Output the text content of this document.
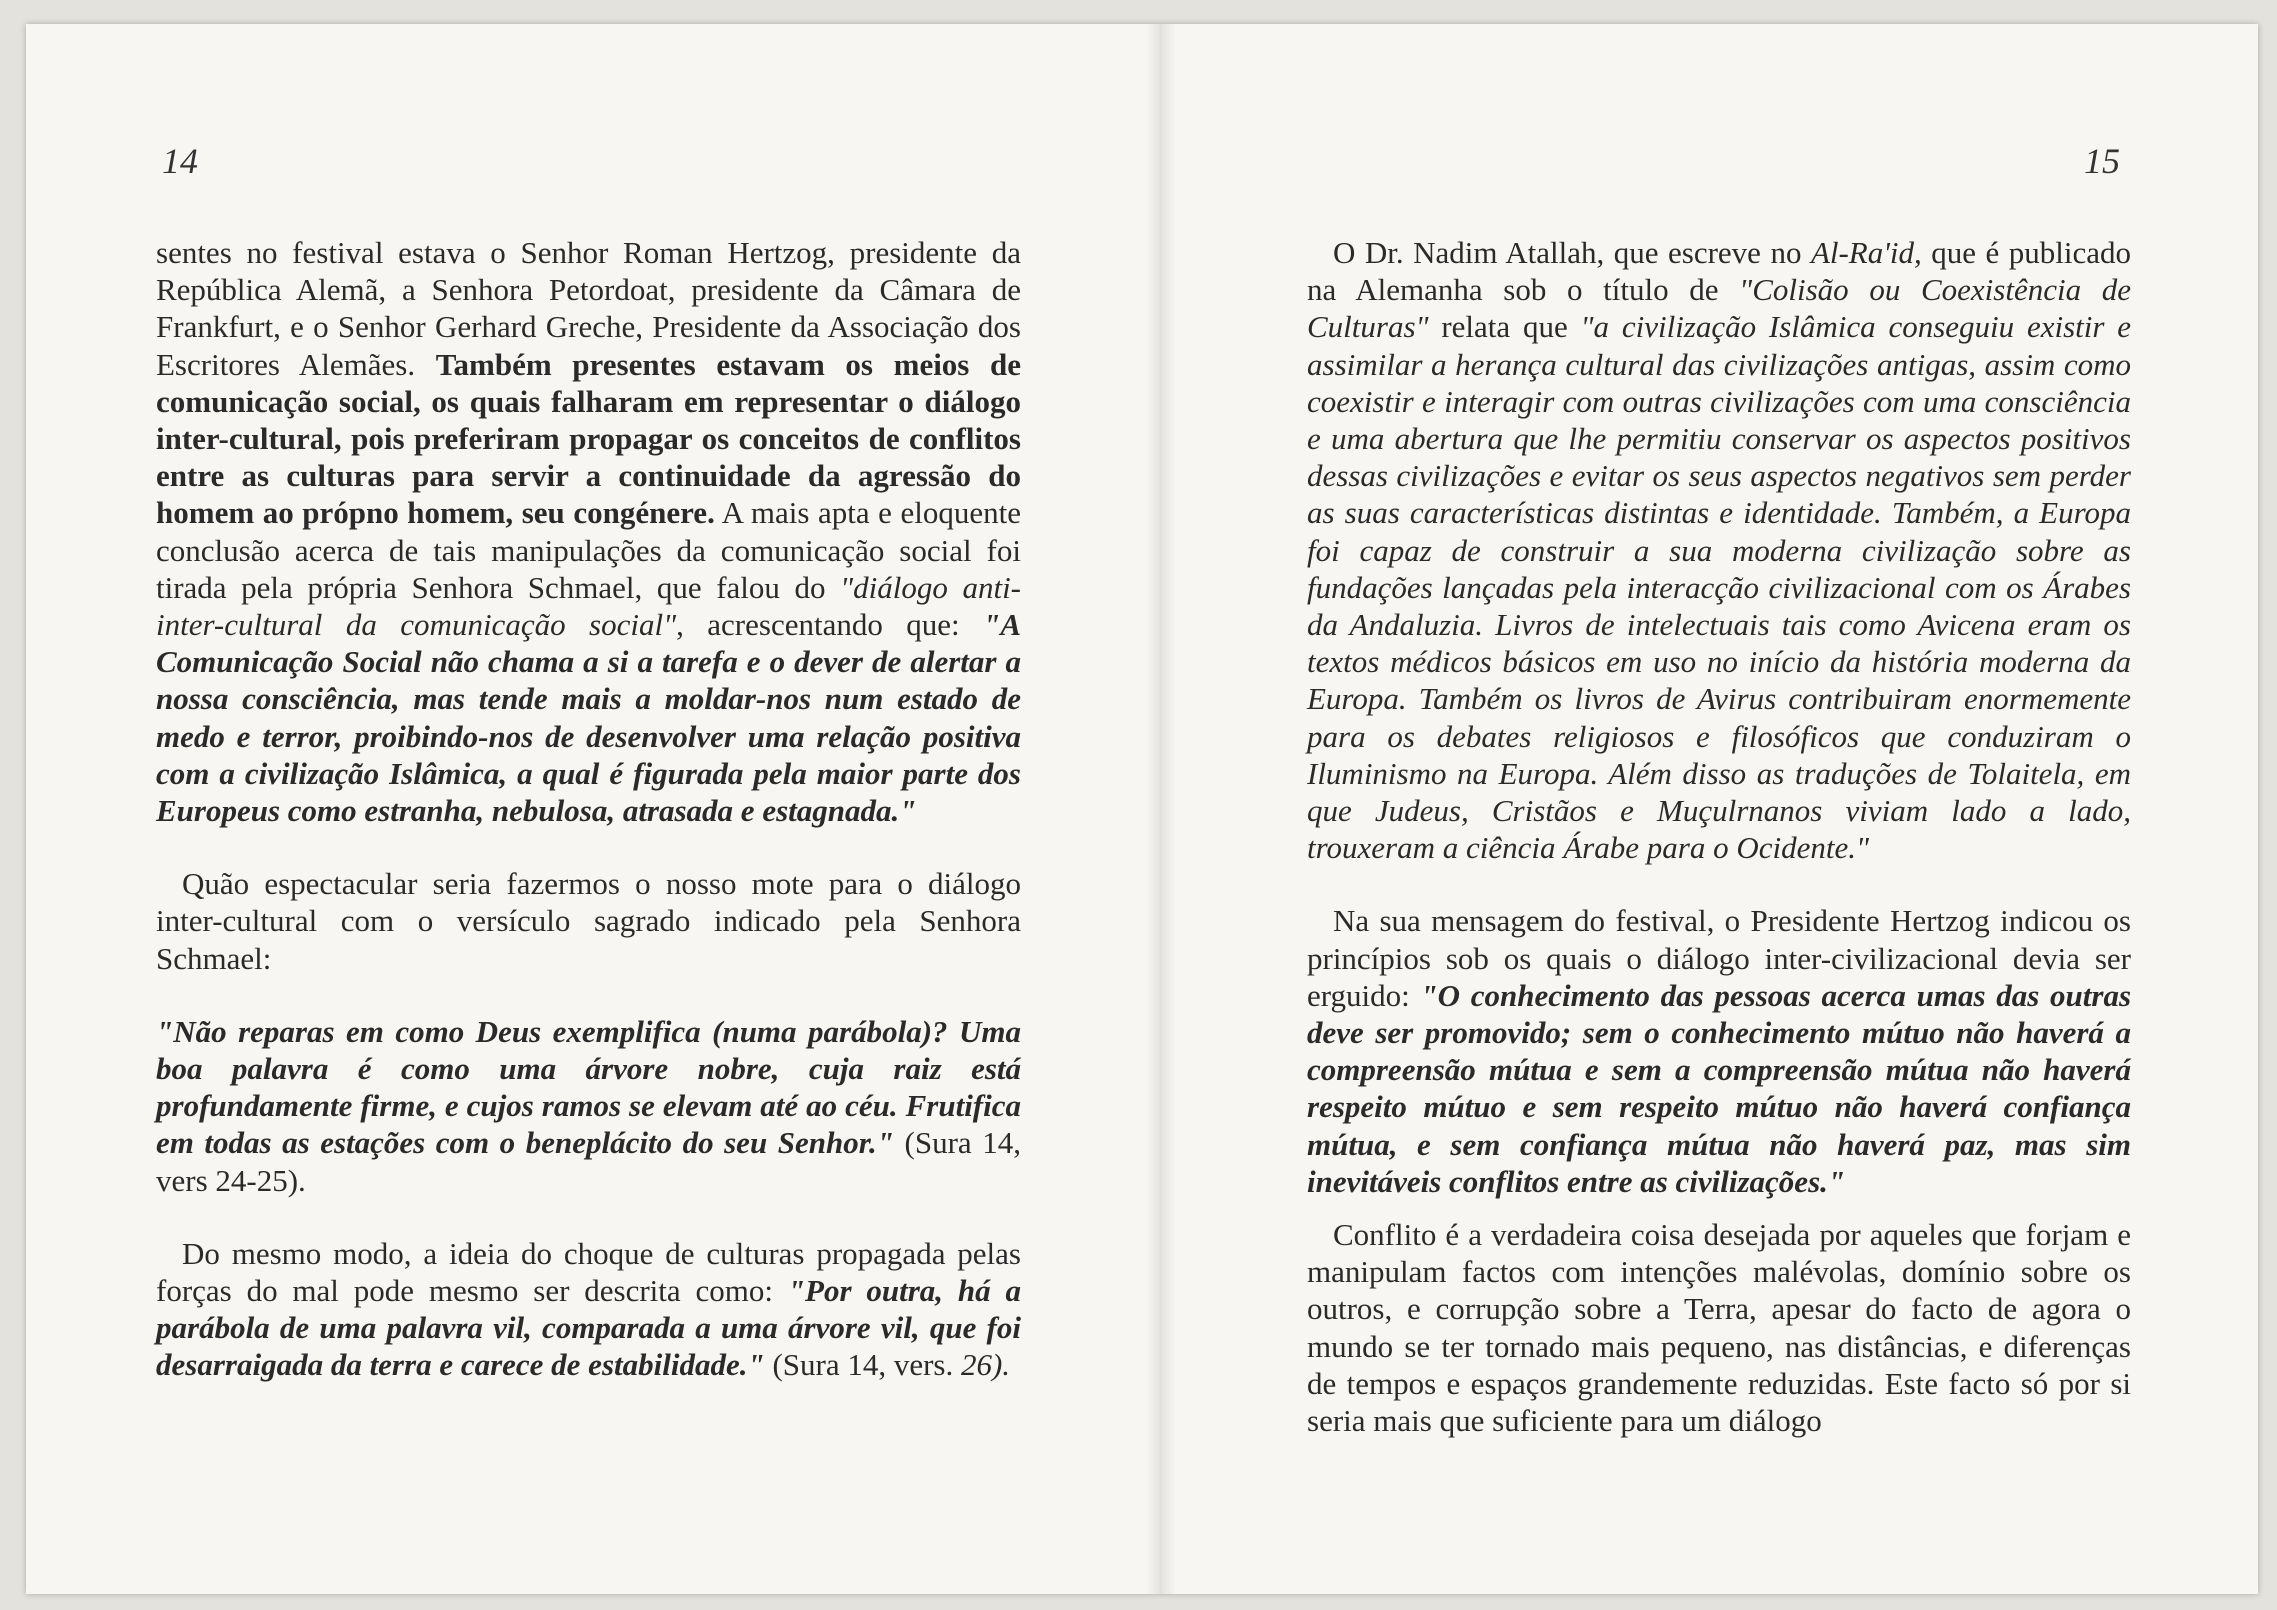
14

sentes no festival estava o Senhor Roman Hertzog, presidente da República Alemã, a Senhora Petordoat, presidente da Câmara de Frankfurt, e o Senhor Gerhard Greche, Presidente da Associação dos Escritores Alemães. Também presentes estavam os meios de comunicação social, os quais falharam em representar o diálogo inter-cultural, pois preferiram propagar os conceitos de conflitos entre as culturas para servir a continuidade da agressão do homem ao própno homem, seu congénere. A mais apta e eloquente conclusão acerca de tais manipulações da comunicação social foi tirada pela própria Senhora Schmael, que falou do "diálogo anti-inter-cultural da comunicação social", acrescentando que: "A Comunicação Social não chama a si a tarefa e o dever de alertar a nossa consciência, mas tende mais a moldar-nos num estado de medo e terror, proibindo-nos de desenvolver uma relação positiva com a civilização Islâmica, a qual é figurada pela maior parte dos Europeus como estranha, nebulosa, atrasada e estagnada."

Quão espectacular seria fazermos o nosso mote para o diálogo inter-cultural com o versículo sagrado indicado pela Senhora Schmael:

"Não reparas em como Deus exemplifica (numa parábola)? Uma boa palavra é como uma árvore nobre, cuja raiz está profundamente firme, e cujos ramos se elevam até ao céu. Frutifica em todas as estações com o beneplácito do seu Senhor." (Sura 14, vers 24-25).

Do mesmo modo, a ideia do choque de culturas propagada pelas forças do mal pode mesmo ser descrita como: "Por outra, há a parábola de uma palavra vil, comparada a uma árvore vil, que foi desarraigada da terra e carece de estabilidade." (Sura 14, vers. 26).

15

O Dr. Nadim Atallah, que escreve no Al-Ra'id, que é publicado na Alemanha sob o título de "Colisão ou Coexistência de Culturas" relata que "a civilização Islâmica conseguiu existir e assimilar a herança cultural das civilizações antigas, assim como coexistir e interagir com outras civilizações com uma consciência e uma abertura que lhe permitiu conservar os aspectos positivos dessas civilizações e evitar os seus aspectos negativos sem perder as suas características distintas e identidade. Também, a Europa foi capaz de construir a sua moderna civilização sobre as fundações lançadas pela interacção civilizacional com os Árabes da Andaluzia. Livros de intelectuais tais como Avicena eram os textos médicos básicos em uso no início da história moderna da Europa. Também os livros de Avirus contribuiram enormemente para os debates religiosos e filosóficos que conduziram o Iluminismo na Europa. Além disso as traduções de Tolaitela, em que Judeus, Cristãos e Muçulrnanos viviam lado a lado, trouxeram a ciência Árabe para o Ocidente."

Na sua mensagem do festival, o Presidente Hertzog indicou os princípios sob os quais o diálogo inter-civilizacional devia ser erguido: "O conhecimento das pessoas acerca umas das outras deve ser promovido; sem o conhecimento mútuo não haverá a compreensão mútua e sem a compreensão mútua não haverá respeito mútuo e sem respeito mútuo não haverá confiança mútua, e sem confiança mútua não haverá paz, mas sim inevitáveis conflitos entre as civilizações."

Conflito é a verdadeira coisa desejada por aqueles que forjam e manipulam factos com intenções malévolas, domínio sobre os outros, e corrupção sobre a Terra, apesar do facto de agora o mundo se ter tornado mais pequeno, nas distâncias, e diferenças de tempos e espaços grandemente reduzidas. Este facto só por si seria mais que suficiente para um diálogo
